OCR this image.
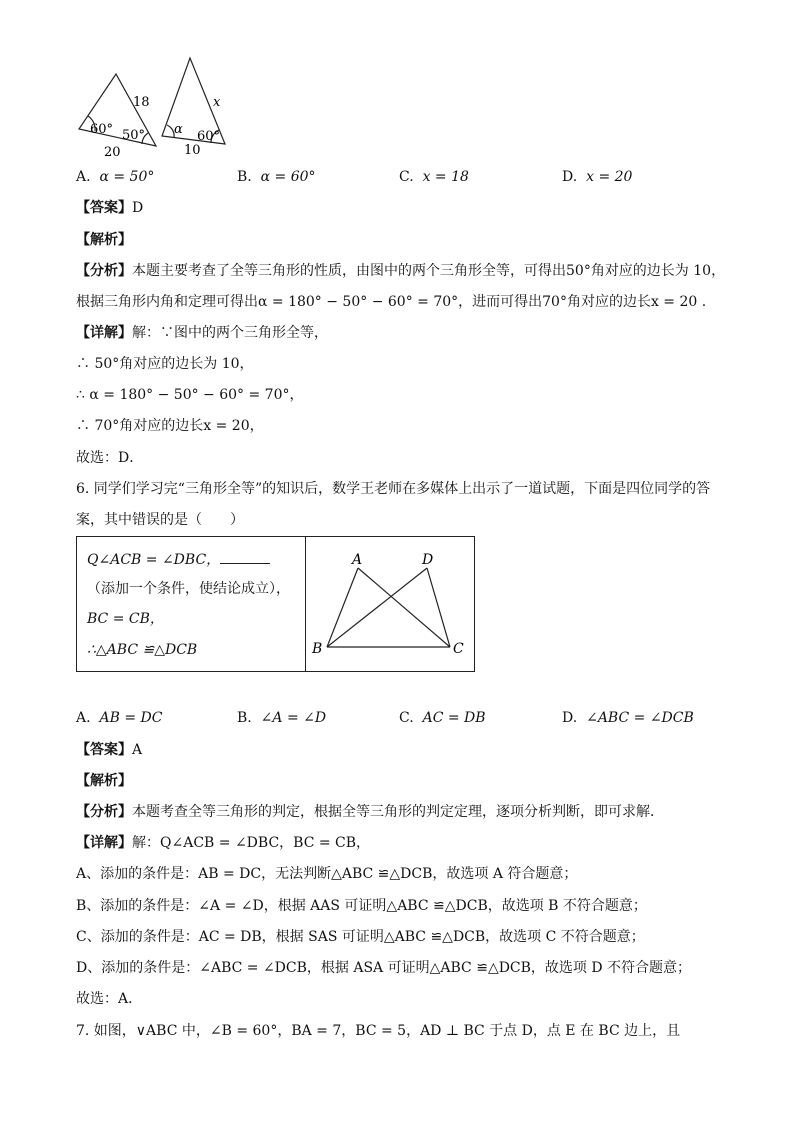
18
60° 50°
20
x
α 60°
10
A. α = 50°	B. α = 60°	C. x = 18	D. x = 20
【答案】D
【解析】
【分析】本题主要考查了全等三角形的性质，由图中的两个三角形全等，可得出50°角对应的边长为 10，
根据三角形内角和定理可得出α = 180° − 50° − 60° = 70°，进而可得出70°角对应的边长x = 20 .
【详解】解：∵图中的两个三角形全等，
∴ 50°角对应的边长为 10，
∴ α = 180° − 50° − 60° = 70°，
∴ 70°角对应的边长x = 20，
故选：D．
6. 同学们学习完“三角形全等”的知识后，数学王老师在多媒体上出示了一道试题，下面是四位同学的答
案，其中错误的是（　　）
Q∠ACB = ∠DBC，
（添加一个条件，使结论成立），
BC = CB，
∴△ABC ≌△DCB
A	D
B	C
A. AB = DC	B. ∠A = ∠D	C. AC = DB	D. ∠ABC = ∠DCB
【答案】A
【解析】
【分析】本题考查全等三角形的判定，根据全等三角形的判定定理，逐项分析判断，即可求解．
【详解】解：Q∠ACB = ∠DBC，BC = CB，
A、添加的条件是：AB = DC，无法判断△ABC ≌△DCB，故选项 A 符合题意；
B、添加的条件是：∠A = ∠D，根据 AAS 可证明△ABC ≌△DCB，故选项 B 不符合题意；
C、添加的条件是：AC = DB，根据 SAS 可证明△ABC ≌△DCB，故选项 C 不符合题意；
D、添加的条件是：∠ABC = ∠DCB，根据 ASA 可证明△ABC ≌△DCB，故选项 D 不符合题意；
故选：A．
7. 如图，∨ABC 中，∠B = 60°，BA = 7，BC = 5，AD ⊥ BC 于点 D，点 E 在 BC 边上，且
